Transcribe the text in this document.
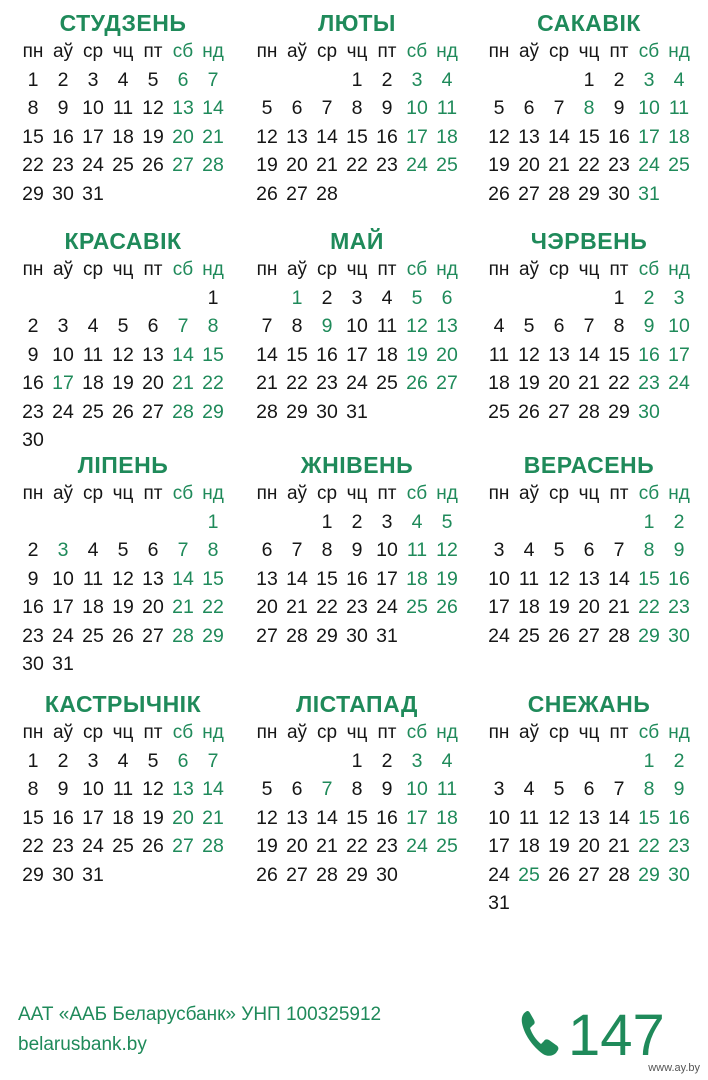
СТУДЗЕНЬ
пн аў ср чц пт сб нд
1 2 3 4 5 6 7
8 9 10 11 12 13 14
15 16 17 18 19 20 21
22 23 24 25 26 27 28
29 30 31
ЛЮТЫ
пн аў ср чц пт сб нд
1 2 3 4
5 6 7 8 9 10 11
12 13 14 15 16 17 18
19 20 21 22 23 24 25
26 27 28
САКАВІК
пн аў ср чц пт сб нд
1 2 3 4
5 6 7 8 9 10 11
12 13 14 15 16 17 18
19 20 21 22 23 24 25
26 27 28 29 30 31
КРАСАВІК
пн аў ср чц пт сб нд
1
2 3 4 5 6 7 8
9 10 11 12 13 14 15
16 17 18 19 20 21 22
23 24 25 26 27 28 29
30
МАЙ
пн аў ср чц пт сб нд
1 2 3 4 5 6
7 8 9 10 11 12 13
14 15 16 17 18 19 20
21 22 23 24 25 26 27
28 29 30 31
ЧЭРВЕНЬ
пн аў ср чц пт сб нд
1 2 3
4 5 6 7 8 9 10
11 12 13 14 15 16 17
18 19 20 21 22 23 24
25 26 27 28 29 30
ЛІПЕНЬ
пн аў ср чц пт сб нд
1
2 3 4 5 6 7 8
9 10 11 12 13 14 15
16 17 18 19 20 21 22
23 24 25 26 27 28 29
30 31
ЖНІВЕНЬ
пн аў ср чц пт сб нд
1 2 3 4 5
6 7 8 9 10 11 12
13 14 15 16 17 18 19
20 21 22 23 24 25 26
27 28 29 30 31
ВЕРАСЕНЬ
пн аў ср чц пт сб нд
1 2
3 4 5 6 7 8 9
10 11 12 13 14 15 16
17 18 19 20 21 22 23
24 25 26 27 28 29 30
КАСТРЫЧНІК
пн аў ср чц пт сб нд
1 2 3 4 5 6 7
8 9 10 11 12 13 14
15 16 17 18 19 20 21
22 23 24 25 26 27 28
29 30 31
ЛІСТАПАД
пн аў ср чц пт сб нд
1 2 3 4
5 6 7 8 9 10 11
12 13 14 15 16 17 18
19 20 21 22 23 24 25
26 27 28 29 30
СНЕЖАНЬ
пн аў ср чц пт сб нд
1 2
3 4 5 6 7 8 9
10 11 12 13 14 15 16
17 18 19 20 21 22 23
24 25 26 27 28 29 30
31
ААТ «ААБ Беларусбанк» УНП 100325912
belarusbank.by	147
www.ay.by
